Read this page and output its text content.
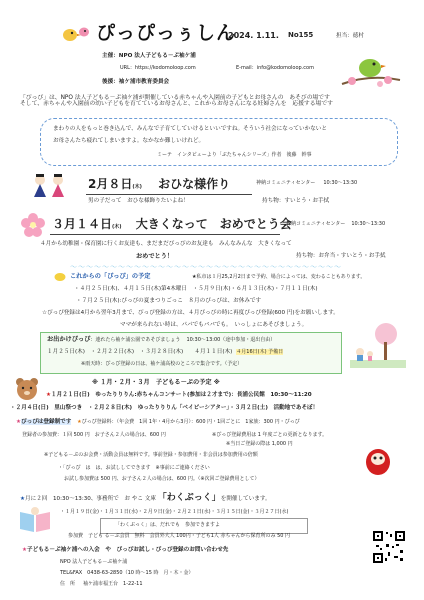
ぴっぴっぅしん
2024. 1.11. No155	担当：徳村
主催：NPO 法人子どもる－ぷ袖ケ浦
URL：https://kodomoloop.com	E-mail：info@kodomoloop.com
後援：袖ケ浦市教育委員会
「ぴっぴ」は、NPO 法人子どもる－ぷ袖ケ浦が開催している赤ちゃんや入園前の子どもとお母さんの　あそびの場です
そして、赤ちゃんや入園前の幼い子どもを育てているお母さんと、これからお母さんになる妊婦さんを　応援する場です
まわりの人をもっと巻き込んで、みんなで子育てしていけるといいですね。そういう社会になっていかないと
お母さんたち疲れてしまいますよ。なかなか難しいけれど。
ミーテ　インタビューより「ぶたちゃんシリーズ」作者　後藤　幹事
2月８日(木) おひな様作り	神納コミュニティセンター 10:30～13:30
男の子だって　おひな様飾りたいよね！	持ち物：すいとう・お手拭
３月１４日(木) 大きくなって　おめでとう会
神納コミュニティセンター 10:30～13:30
４月から幼稚園・保育園に行くお友達も、まだまだぴっぴのお友達も　みんなみんな　大きくなって
おめでとう！	持ち物：お弁当・すいとう・お手拭
～～～～～～～～～～～～～～～～～～～～～～～～～～～～～～～～～～
これからの「ぴっぴ」の予定	★私市は１月25,2月2日まで予約、場合によっては、変わることもあります。
・４月２５日(木)、４月１５日(木)第4木曜日　・５月９日(木)・６月１３日(木)・７月１１日(木)
・７月２５日(木):ぴっぴの夏まつりごっこ　８月のぴっぴは、お休みです
☆ぴっぴ登録は4月から翌年3月まで、ぴっぴ登録の方は、４月ぴっぴの時に再度ぴっぴ登録(600 円)をお願いします。
ママが来られない時は、パパでもババでも。　いっしょにあそびましょう。
お出かけぴっぴ：連れたら袖ケ浦公園であそびましょう 10:30～13:00（途中参加・退出自由）
１月２５日(木)　・２月２２日(木)　・３月２８日(木)　　４月１１日(木) ４月16日(木) 予備日
※雨天時：ぴっぴ登録の日は、袖ケ浦高校のところで集合です。（予定）
※ １月・２月・３月　子どもる－ぷの予定 ※
★１月２１日(日)　ゆったりりりん:赤ちゃんコンサート(参加は２才まで)：長浦公民館　10:30～11:20
・２月４日(日)　里山祭つき　・２月２８日(木)　ゆったりりりん「ベイビーシアター」・３月２日(土)　活動地であそぼ！
★ぴっぴは登録制です ★ぴっぴ登録料：（年会費　1回 1年・4月から3月）：600 円・1回ごとに　1家族：300 円・ぴっぴ
登録者の参加費：１回 500 円　お子さん２人の場合は、600 円	※ぴっぴ登録費用は 1 年度ごとの更新となります。
※当日ご登録の際は 1,000 円
※子どもる－ぷのお会費・活動会員は無料です。事前登録・参加費用・非会員は参加費用の倍額
・「ぴっぴ　は　は、お試ししてできます　※事前にご連絡ください
お試し参加費は 500 円、お子さん２人の場合は、600 円。（※次回ご登録費用として）
★月に２回　10:30～13:30、事務所で　お やこ 文庫 「わくぶっく」を開催しています。
・１月１９日(金)・１月３１日(水)・２月９日(金)・２月２１日(水)・３月１５日(金)・３月２７日(水)
「わくぶっく」は、だれでも　参加できますよ
参加費　子ども る－ぷ会員　無料　会員外大人 100円・子ども1人 赤ちゃんから保育所のみ 50 円
★子どもる－ぷ袖ケ浦への入会　や　ぴっぴお試し・ぴっぴ登録のお問い合わせ先
NPO 法人子どもる－ぷ袖ケ浦
TEL&FAX　0438-63-2850（10 時～15 時　月・木・金）
住　所 袖ケ浦市福王台　1-22-11
